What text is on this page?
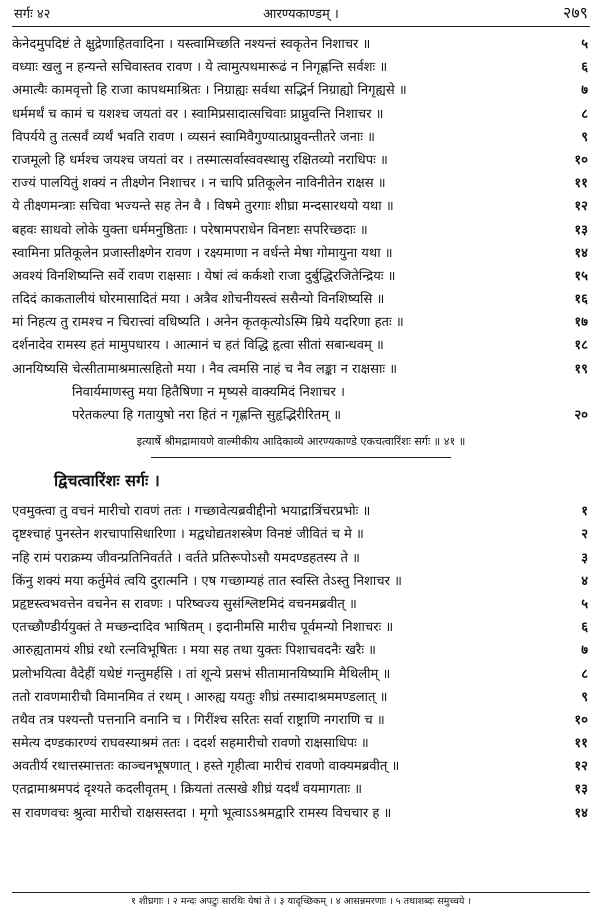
सर्गः ४२	आरण्यकाण्डम् ।	२७९
केनेदमुपदिष्टं ते क्षुद्रेणाहितवादिना । यस्त्वामिच्छति नश्यन्तं स्वकृतेन निशाचर ॥	५
वध्याः खलु न हन्यन्ते सचिवास्तव रावण । ये त्वामुत्पथमारूढं न निगृह्णन्ति सर्वशः ॥	६
अमात्यैः कामवृत्तो हि राजा कापथमाश्रितः । निग्राह्यः सर्वथा सद्भिर्न निग्राह्यो निगृह्यसे ॥	७
धर्ममर्थं च कामं च यशश्च जयतां वर । स्वामिप्रसादात्सचिवाः प्राप्नुवन्ति निशाचर ॥	८
विपर्यये तु तत्सर्वं व्यर्थं भवति रावण । व्यसनं स्वामिवैगुण्यात्प्राप्नुवन्तीतरे जनाः ॥	९
राजमूलो हि धर्मश्च जयश्च जयतां वर । तस्मात्सर्वास्ववस्थासु रक्षितव्यो नराधिपः ॥	१०
राज्यं पालयितुं शक्यं न तीक्ष्णेन निशाचर । न चापि प्रतिकूलेन नाविनीतेन राक्षस ॥	११
ये तीक्ष्णमन्त्राः सचिवा भज्यन्ते सह तेन वै । विषमे तुरगाः शीघ्रा मन्दसारथयो यथा ॥	१२
बहवः साधवो लोके युक्ता धर्ममनुष्ठिताः । परेषामपराधेन विनष्टाः सपरिच्छदाः ॥	१३
स्वामिना प्रतिकूलेन प्रजास्तीक्ष्णेन रावण । रक्ष्यमाणा न वर्धन्ते मेषा गोमायुना यथा ॥	१४
अवश्यं विनशिष्यन्ति सर्वे रावण राक्षसाः । येषां त्वं कर्कशो राजा दुर्बुद्धिरजितेन्द्रियः ॥	१५
तदिदं काकतालीयं घोरमासादितं मया । अत्रैव शोचनीयस्त्वं ससैन्यो विनशिष्यसि ॥	१६
मां निहत्य तु रामश्च न चिरात्त्वां वधिष्यति । अनेन कृतकृत्योऽस्मि म्रिये यदरिणा हतः ॥	१७
दर्शनादेव रामस्य हतं मामुपधारय । आत्मानं च हतं विद्धि हृत्वा सीतां सबान्धवम् ॥	१८
आनयिष्यसि चेत्सीतामाश्रमात्सहितो मया । नैव त्वमसि नाहं च नैव लङ्का न राक्षसाः ॥	१९
निवार्यमाणस्तु मया हितैषिणा न मृष्यसे वाक्यमिदं निशाचर ।
परेतकल्पा हि गतायुषो नरा हितं न गृह्णन्ति सुहृद्भिरीरितम् ॥	२०
इत्यार्षे श्रीमद्रामायणे वाल्मीकीय आदिकाव्ये आरण्यकाण्डे एकचत्वारिंशः सर्गः ॥ ४१ ॥
द्विचत्वारिंशः सर्गः ।
एवमुक्त्वा तु वचनं मारीचो रावणं ततः । गच्छावेत्यब्रवीद्दीनो भयाद्रात्रिंचरप्रभोः ॥	१
दृष्टश्चाहं पुनस्तेन शरचापासिधारिणा । मद्वधोद्यतशस्त्रेण विनष्टं जीवितं च मे ॥	२
नहि रामं पराक्रम्य जीवन्प्रतिनिवर्तते । वर्तते प्रतिरूपोऽसौ यमदण्डहतस्य ते ॥	३
किंनु शक्यं मया कर्तुमेवं त्वयि दुरात्मनि । एष गच्छाम्यहं तात स्वस्ति तेऽस्तु निशाचर ॥	४
प्रहृष्टस्त्वभवत्तेन वचनेन स रावणः । परिष्वज्य सुसंश्लिष्टमिदं वचनमब्रवीत् ॥	५
एतच्छौण्डीर्ययुक्तं ते मच्छन्दादिव भाषितम् । इदानीमसि मारीच पूर्वमन्यो निशाचरः ॥	६
आरुह्यतामयं शीघ्रं रथो रत्नविभूषितः । मया सह तथा युक्तः पिशाचवदनैः खरैः ॥	७
प्रलोभयित्वा वैदेहीं यथेष्टं गन्तुमर्हसि । तां शून्ये प्रसभं सीतामानयिष्यामि मैथिलीम् ॥	८
ततो रावणमारीचौ विमानमिव तं रथम् । आरुह्य ययतुः शीघ्रं तस्मादाश्रममण्डलात् ॥	९
तथैव तत्र पश्यन्तौ पत्तनानि वनानि च । गिरींश्च सरितः सर्वा राष्ट्राणि नगराणि च ॥	१०
समेत्य दण्डकारण्यं राघवस्याश्रमं ततः । ददर्श सहमारीचो रावणो राक्षसाधिपः ॥	११
अवतीर्य रथात्तस्मात्ततः काञ्चनभूषणात् । हस्ते गृहीत्वा मारीचं रावणो वाक्यमब्रवीत् ॥	१२
एतद्रामाश्रमपदं दृश्यते कदलीवृतम् । क्रियतां तत्सखे शीघ्रं यदर्थं वयमागताः ॥	१३
स रावणवचः श्रुत्वा मारीचो राक्षसस्तदा । मृगो भूत्वाऽऽश्रमद्वारि रामस्य विचचार ह ॥	१४
१ शीघ्रगाः । २ मन्दः अपटुः सारथिः येषां ते । ३ यादृच्छिकम् । ४ आसन्नमरणाः । ५ तथाशब्दः समुच्चये ।
